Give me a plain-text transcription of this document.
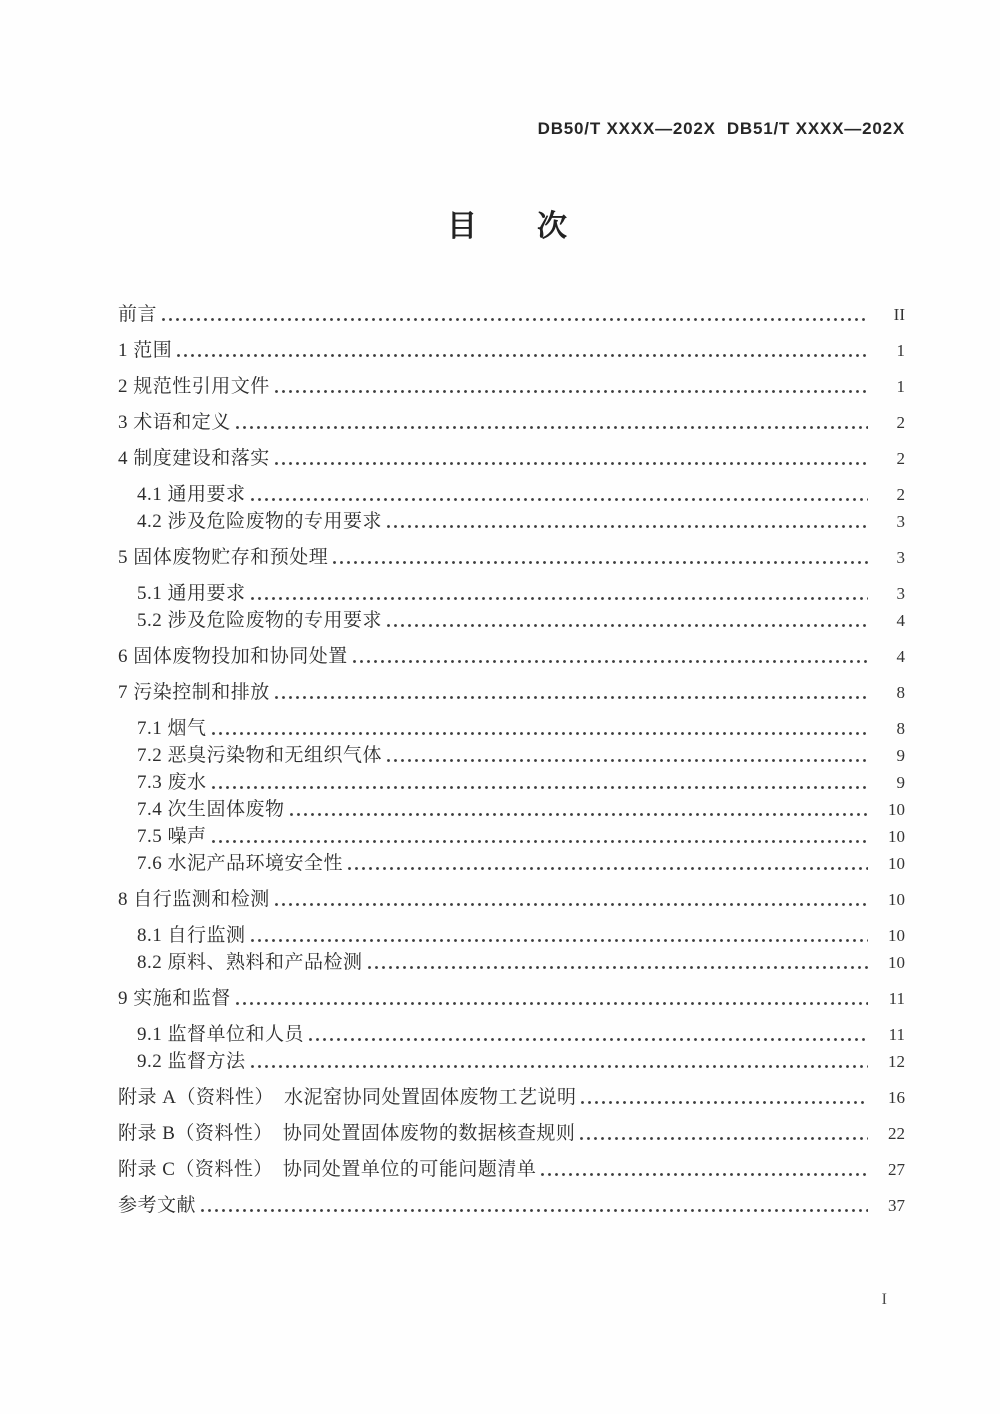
DB50/T XXXX—202X  DB51/T XXXX—202X
目　　次
前言	II
1 范围	1
2 规范性引用文件	1
3 术语和定义	2
4 制度建设和落实	2
4.1 通用要求	2
4.2 涉及危险废物的专用要求	3
5 固体废物贮存和预处理	3
5.1 通用要求	3
5.2 涉及危险废物的专用要求	4
6 固体废物投加和协同处置	4
7 污染控制和排放	8
7.1 烟气	8
7.2 恶臭污染物和无组织气体	9
7.3 废水	9
7.4 次生固体废物	10
7.5 噪声	10
7.6 水泥产品环境安全性	10
8 自行监测和检测	10
8.1 自行监测	10
8.2 原料、熟料和产品检测	10
9 实施和监督	11
9.1 监督单位和人员	11
9.2 监督方法	12
附录 A（资料性）　水泥窑协同处置固体废物工艺说明	16
附录 B（资料性）　协同处置固体废物的数据核查规则	22
附录 C（资料性）　协同处置单位的可能问题清单	27
参考文献	37
I
